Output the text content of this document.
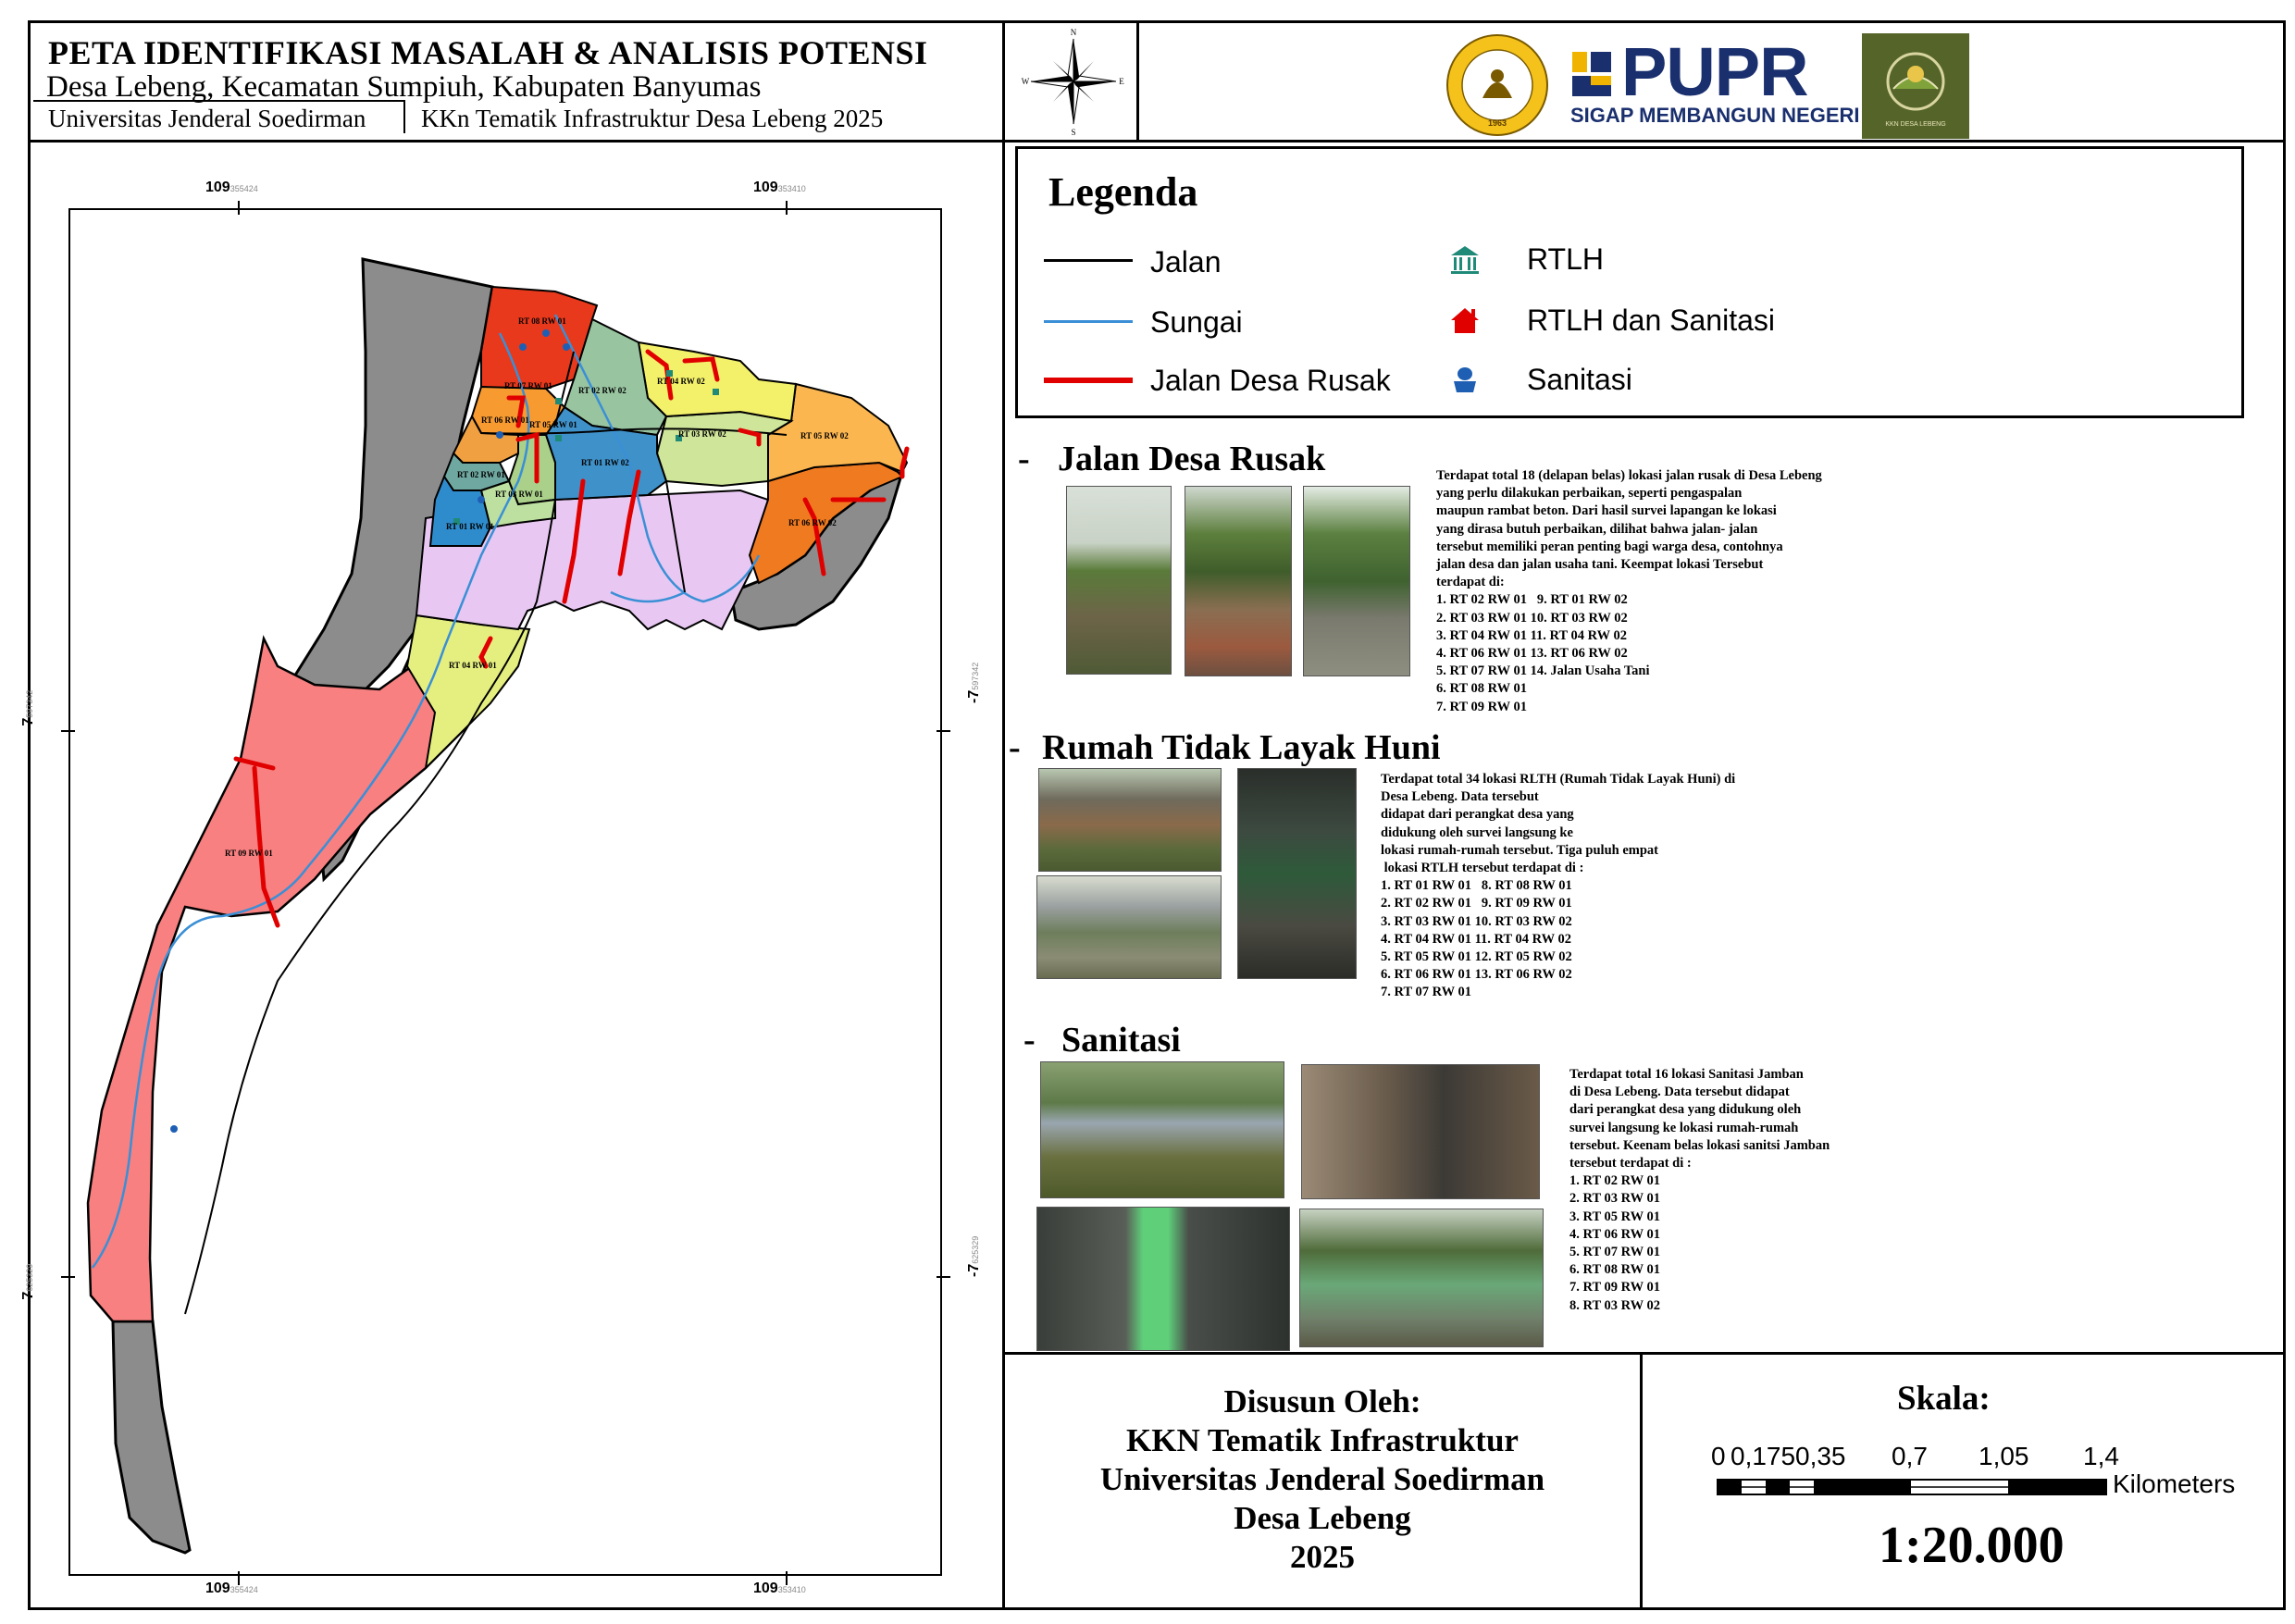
PETA IDENTIFIKASI MASALAH & ANALISIS POTENSI
Desa Lebeng, Kecamatan Sumpiuh, Kabupaten Banyumas
Universitas Jenderal Soedirman KKn Tematik Infrastruktur Desa Lebeng 2025
N
S
E
W
1963
PUPR
SIGAP MEMBANGUN NEGERI	KKN DESA LEBENG
109355424	109353410
109355424	109353410
-7597342
-7625329
-7597342
-7625329
RT 08 RW 01
RT 07 RW 01	RT 02 RW 02
RT 04 RW 02
RT 06 RW 01 RT 05 RW 01
RT 03 RW 02	RT 05 RW 02
RT 01 RW 02
RT 02 RW 01
RT 03 RW 01
RT 01 RW 01	RT 06 RW 02
RT 04 RW 01
RT 09 RW 01
Legenda
Jalan
Sungai
Jalan Desa Rusak
RTLH
RTLH dan Sanitasi
Sanitasi
- Jalan Desa Rusak	Terdapat total 18 (delapan belas) lokasi jalan rusak di Desa Lebeng
yang perlu dilakukan perbaikan, seperti pengaspalan
maupun rambat beton. Dari hasil survei lapangan ke lokasi
yang dirasa butuh perbaikan, dilihat bahwa jalan- jalan
tersebut memiliki peran penting bagi warga desa, contohnya
jalan desa dan jalan usaha tani. Keempat lokasi Tersebut
terdapat di:
1. RT 02 RW 01   9. RT 01 RW 02
2. RT 03 RW 01 10. RT 03 RW 02
3. RT 04 RW 01 11. RT 04 RW 02
4. RT 06 RW 01 13. RT 06 RW 02
5. RT 07 RW 01 14. Jalan Usaha Tani
6. RT 08 RW 01
7. RT 09 RW 01
- Rumah Tidak Layak Huni
Terdapat total 34 lokasi RLTH (Rumah Tidak Layak Huni) di
Desa Lebeng. Data tersebut
didapat dari perangkat desa yang
didukung oleh survei langsung ke
lokasi rumah-rumah tersebut. Tiga puluh empat
lokasi RTLH tersebut terdapat di :
1. RT 01 RW 01   8. RT 08 RW 01
2. RT 02 RW 01   9. RT 09 RW 01
3. RT 03 RW 01 10. RT 03 RW 02
4. RT 04 RW 01 11. RT 04 RW 02
5. RT 05 RW 01 12. RT 05 RW 02
6. RT 06 RW 01 13. RT 06 RW 02
7. RT 07 RW 01
- Sanitasi
Terdapat total 16 lokasi Sanitasi Jamban
di Desa Lebeng. Data tersebut didapat
dari perangkat desa yang didukung oleh
survei langsung ke lokasi rumah-rumah
tersebut. Keenam belas lokasi sanitsi Jamban
tersebut terdapat di :
1. RT 02 RW 01
2. RT 03 RW 01
3. RT 05 RW 01
4. RT 06 RW 01
5. RT 07 RW 01
6. RT 08 RW 01
7. RT 09 RW 01
8. RT 03 RW 02
Disusun Oleh:
KKN Tematik Infrastruktur
Universitas Jenderal Soedirman
Desa Lebeng
2025
Skala:
0 0,175 0,35 0,7 1,05 1,4
Kilometers
1:20.000
